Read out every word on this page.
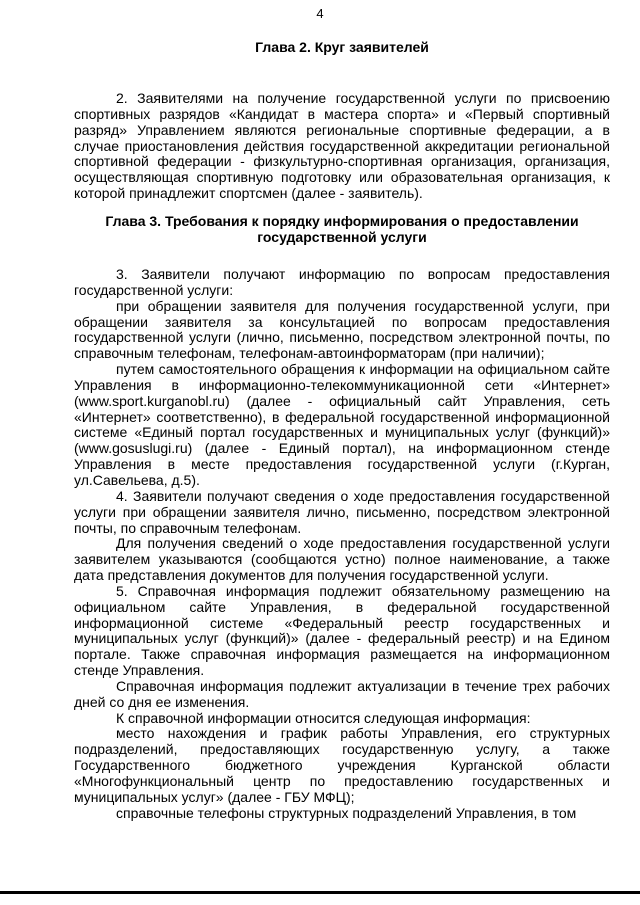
4
Глава 2. Круг заявителей

2. Заявителями на получение государственной услуги по присвоению спортивных разрядов «Кандидат в мастера спорта» и «Первый спортивный разряд» Управлением являются региональные спортивные федерации, а в случае приостановления действия государственной аккредитации региональной спортивной федерации - физкультурно-спортивная организация, организация, осуществляющая спортивную подготовку или образовательная организация, к которой принадлежит спортсмен (далее - заявитель).

Глава 3. Требования к порядку информирования о предоставлении государственной услуги

3. Заявители получают информацию по вопросам предоставления государственной услуги:

при обращении заявителя для получения государственной услуги, при обращении заявителя за консультацией по вопросам предоставления государственной услуги (лично, письменно, посредством электронной почты, по справочным телефонам, телефонам-автоинформаторам (при наличии);

путем самостоятельного обращения к информации на официальном сайте Управления в информационно-телекоммуникационной сети «Интернет» (www.sport.kurganobl.ru) (далее - официальный сайт Управления, сеть «Интернет» соответственно), в федеральной государственной информационной системе «Единый портал государственных и муниципальных услуг (функций)» (www.gosuslugi.ru) (далее - Единый портал), на информационном стенде Управления в месте предоставления государственной услуги (г.Курган, ул.Савельева, д.5).

4. Заявители получают сведения о ходе предоставления государственной услуги при обращении заявителя лично, письменно, посредством электронной почты, по справочным телефонам.

Для получения сведений о ходе предоставления государственной услуги заявителем указываются (сообщаются устно) полное наименование, а также дата представления документов для получения государственной услуги.

5. Справочная информация подлежит обязательному размещению на официальном сайте Управления, в федеральной государственной информационной системе «Федеральный реестр государственных и муниципальных услуг (функций)» (далее - федеральный реестр) и на Едином портале. Также справочная информация размещается на информационном стенде Управления.

Справочная информация подлежит актуализации в течение трех рабочих дней со дня ее изменения.

К справочной информации относится следующая информация:

место нахождения и график работы Управления, его структурных подразделений, предоставляющих государственную услугу, а также Государственного бюджетного учреждения Курганской области «Многофункциональный центр по предоставлению государственных и муниципальных услуг» (далее - ГБУ МФЦ);

справочные телефоны структурных подразделений Управления, в том
